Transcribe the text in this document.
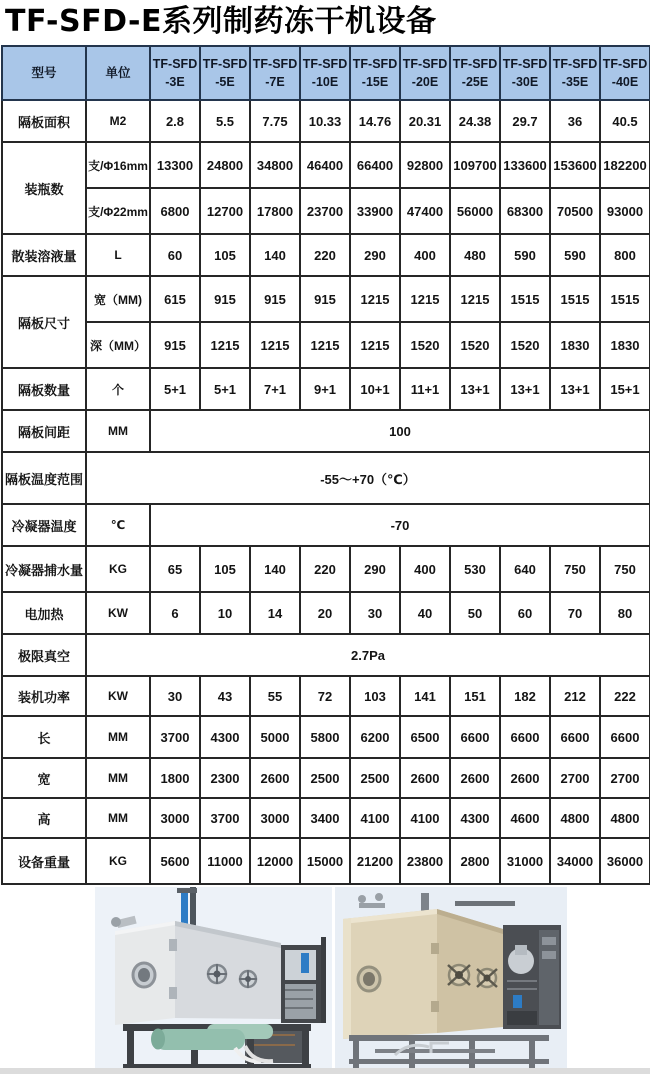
TF-SFD-E系列制药冻干机设备
型号	单位	TF-SFD -3E	TF-SFD -5E	TF-SFD -7E	TF-SFD -10E	TF-SFD -15E	TF-SFD -20E	TF-SFD -25E	TF-SFD -30E	TF-SFD -35E	TF-SFD -40E
隔板面积	M2	2.8	5.5	7.75	10.33	14.76	20.31	24.38	29.7	36	40.5
装瓶数	支/Φ16mm	13300	24800	34800	46400	66400	92800	109700	133600	153600	182200
	支/Φ22mm	6800	12700	17800	23700	33900	47400	56000	68300	70500	93000
散装溶液量	L	60	105	140	220	290	400	480	590	590	800
隔板尺寸	宽（MM)	615	915	915	915	1215	1215	1215	1515	1515	1515
	深（MM）	915	1215	1215	1215	1215	1520	1520	1520	1830	1830
隔板数量	个	5+1	5+1	7+1	9+1	10+1	11+1	13+1	13+1	13+1	15+1
隔板间距	MM	100									
隔板温度范围	-55～+70（℃）										
冷凝器温度	℃	-70									
冷凝器捕水量	KG	65	105	140	220	290	400	530	640	750	750
电加热	KW	6	10	14	20	30	40	50	60	70	80
极限真空	2.7Pa										
装机功率	KW	30	43	55	72	103	141	151	182	212	222
长	MM	3700	4300	5000	5800	6200	6500	6600	6600	6600	6600
宽	MM	1800	2300	2600	2500	2500	2600	2600	2600	2700	2700
高	MM	3000	3700	3000	3400	4100	4100	4300	4600	4800	4800
设备重量	KG	5600	11000	12000	15000	21200	23800	2800	31000	34000	36000
